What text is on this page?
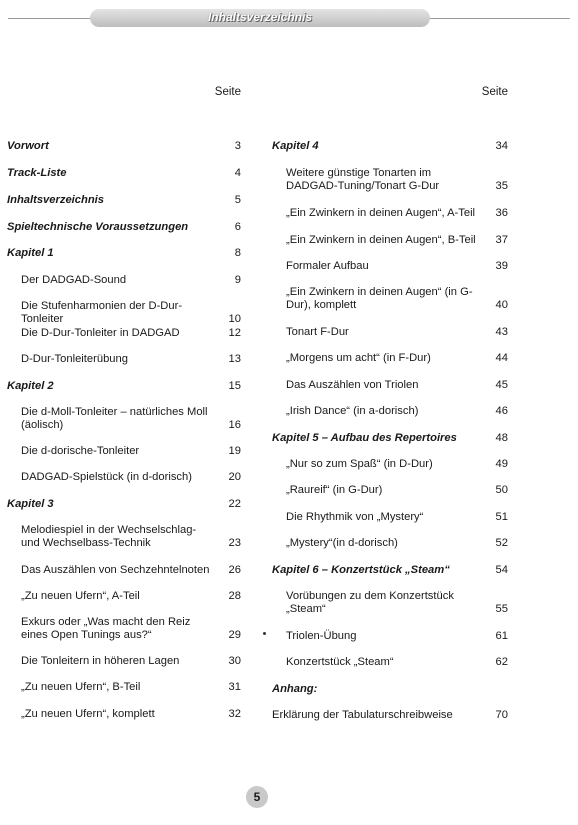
Inhaltsverzeichnis
Seite
Vorwort	3
Track-Liste	4
Inhaltsverzeichnis	5
Spieltechnische Voraussetzungen	6
Kapitel 1	8
Der DADGAD-Sound	9
Die Stufenharmonien der D-Dur-Tonleiter	10
Die D-Dur-Tonleiter in DADGAD	12
D-Dur-Tonleiterübung	13
Kapitel 2	15
Die d-Moll-Tonleiter – natürliches Moll (äolisch)	16
Die d-dorische-Tonleiter	19
DADGAD-Spielstück (in d-dorisch)	20
Kapitel 3	22
Melodiespiel in der Wechselschlag- und Wechselbass-Technik	23
Das Auszählen von Sechzehntelnoten	26
„Zu neuen Ufern“, A-Teil	28
Exkurs oder „Was macht den Reiz eines Open Tunings aus?“	29
Die Tonleitern in höheren Lagen	30
„Zu neuen Ufern“, B-Teil	31
„Zu neuen Ufern“, komplett	32
Seite
Kapitel 4	34
Weitere günstige Tonarten im DADGAD-Tuning/Tonart G-Dur	35
„Ein Zwinkern in deinen Augen“, A-Teil	36
„Ein Zwinkern in deinen Augen“, B-Teil	37
Formaler Aufbau	39
„Ein Zwinkern in deinen Augen“ (in G-Dur), komplett	40
Tonart F-Dur	43
„Morgens um acht“ (in F-Dur)	44
Das Auszählen von Triolen	45
„Irish Dance“ (in a-dorisch)	46
Kapitel 5 – Aufbau des Repertoires	48
„Nur so zum Spaß“ (in D-Dur)	49
„Raureif“ (in G-Dur)	50
Die Rhythmik von „Mystery“	51
„Mystery“(in d-dorisch)	52
Kapitel 6 – Konzertstück „Steam“	54
Vorübungen zu dem Konzertstück „Steam“	55
Triolen-Übung	61
Konzertstück „Steam“	62
Anhang:
Erklärung der Tabulaturschreibweise	70
5
